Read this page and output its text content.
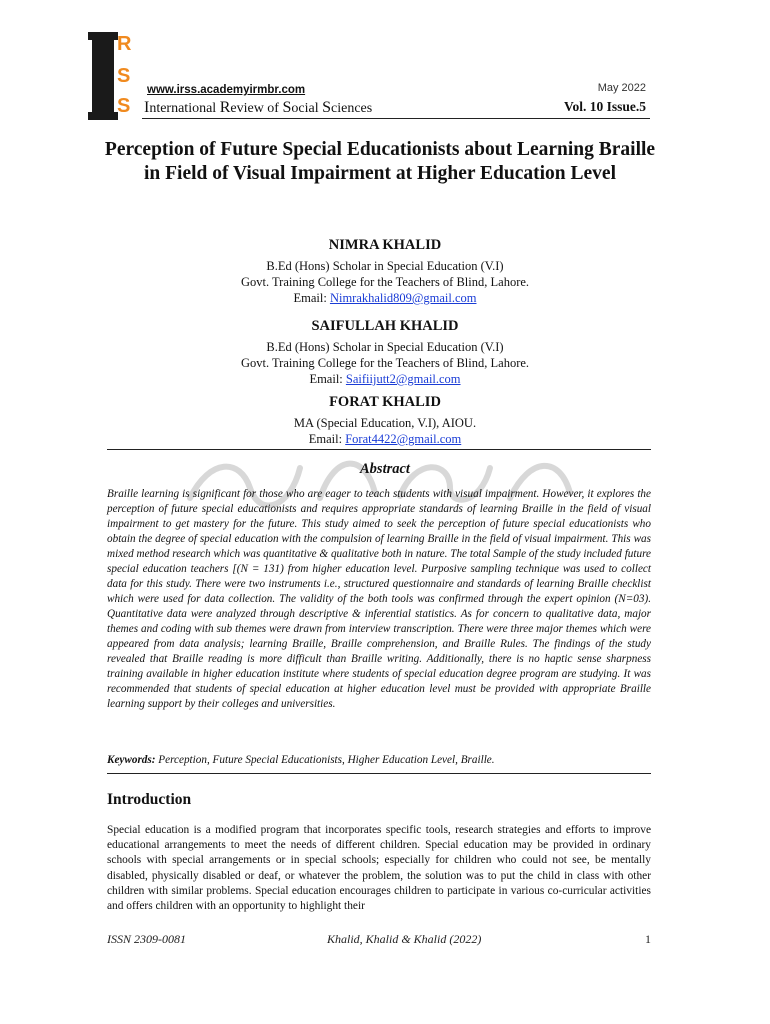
R
S
S
www.irss.academyirmbr.com
International Review of Social Sciences
May 2022
Vol. 10 Issue.5
Perception of Future Special Educationists about Learning Braille in Field of Visual Impairment at Higher Education Level
NIMRA KHALID
B.Ed (Hons) Scholar in Special Education (V.I)
Govt. Training College for the Teachers of Blind, Lahore.
Email: Nimrakhalid809@gmail.com
SAIFULLAH KHALID
B.Ed (Hons) Scholar in Special Education (V.I)
Govt. Training College for the Teachers of Blind, Lahore.
Email: Saifiijutt2@gmail.com
FORAT KHALID
MA (Special Education, V.I), AIOU.
Email: Forat4422@gmail.com
Abstract
Braille learning is significant for those who are eager to teach students with visual impairment. However, it explores the perception of future special educationists and requires appropriate standards of learning Braille in the field of visual impairment to get mastery for the future. This study aimed to seek the perception of future special educationists who obtain the degree of special education with the compulsion of learning Braille in the field of visual impairment. This was mixed method research which was quantitative & qualitative both in nature. The total Sample of the study included future special education teachers [(N = 131) from higher education level. Purposive sampling technique was used to collect data for this study. There were two instruments i.e., structured questionnaire and standards of learning Braille checklist which were used for data collection. The validity of the both tools was confirmed through the expert opinion (N=03). Quantitative data were analyzed through descriptive & inferential statistics. As for concern to qualitative data, major themes and coding with sub themes were drawn from interview transcription. There were three major themes which were appeared from data analysis; learning Braille, Braille comprehension, and Braille Rules. The findings of the study revealed that Braille reading is more difficult than Braille writing. Additionally, there is no haptic sense sharpness training available in higher education institute where students of special education degree program are studying. It was recommended that students of special education at higher education level must be provided with appropriate Braille learning support by their colleges and universities.
Keywords: Perception, Future Special Educationists, Higher Education Level, Braille.
Introduction
Special education is a modified program that incorporates specific tools, research strategies and efforts to improve educational arrangements to meet the needs of different children. Special education may be provided in ordinary schools with special arrangements or in special schools; especially for children who could not see, be mentally disabled, physically disabled or deaf, or whatever the problem, the solution was to put the child in class with other children with similar problems. Special education encourages children to participate in various co-curricular activities and offers children with an opportunity to highlight their
ISSN 2309-0081	Khalid, Khalid & Khalid (2022)	1
